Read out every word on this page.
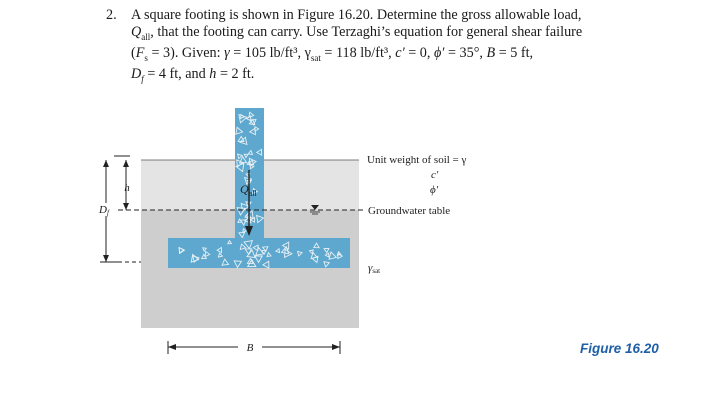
2.	A square footing is shown in Figure 16.20. Determine the gross allowable load,

$Q_{all}$, that the footing can carry. Use Terzaghi’s equation for general shear failure

$(F_s = 3)$. Given: γ = 105 lb/ft³, $\gamma_{sat} = 118$ lb/ft³, c′ = 0, ϕ′ = 35°, B = 5 ft,

$D_f = 4$ ft, and h = 2 ft.

h
Df
$Q_{all}$
B
Unit weight of soil = γ
c′
ϕ′
Groundwater table
γsat
Figure 16.20
